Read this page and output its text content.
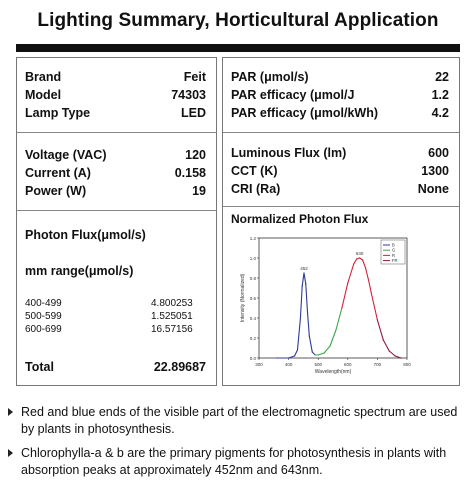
Lighting Summary, Horticultural Application
Brand	Feit
Model	74303
Lamp Type	LED
Voltage (VAC)	120
Current (A)	0.158
Power (W)	19
Photon Flux(μmol/s)
mm range(μmol/s)
400-499	4.800253
500-599	1.525051
600-699	16.57156
Total	22.89687
PAR (μmol/s)	22
PAR efficacy (μmol/J	1.2
PAR efficacy (μmol/kWh)	4.2
Luminous Flux (lm)	600
CCT (K)	1300
CRI (Ra)	None
Normalized Photon Flux
0.0
0.2
0.4
0.6
0.8
1.0
1.2
300	400	500	600	700	800
Wavelength(nm)
Intensity (Normalized)
452
640
B
G
R
FR
Red and blue ends of the visible part of the electromagnetic spectrum are used by plants in photosynthesis.
Chlorophylla-a & b are the primary pigments for photosynthesis in plants with absorption peaks at approximately 452nm and 643nm.
